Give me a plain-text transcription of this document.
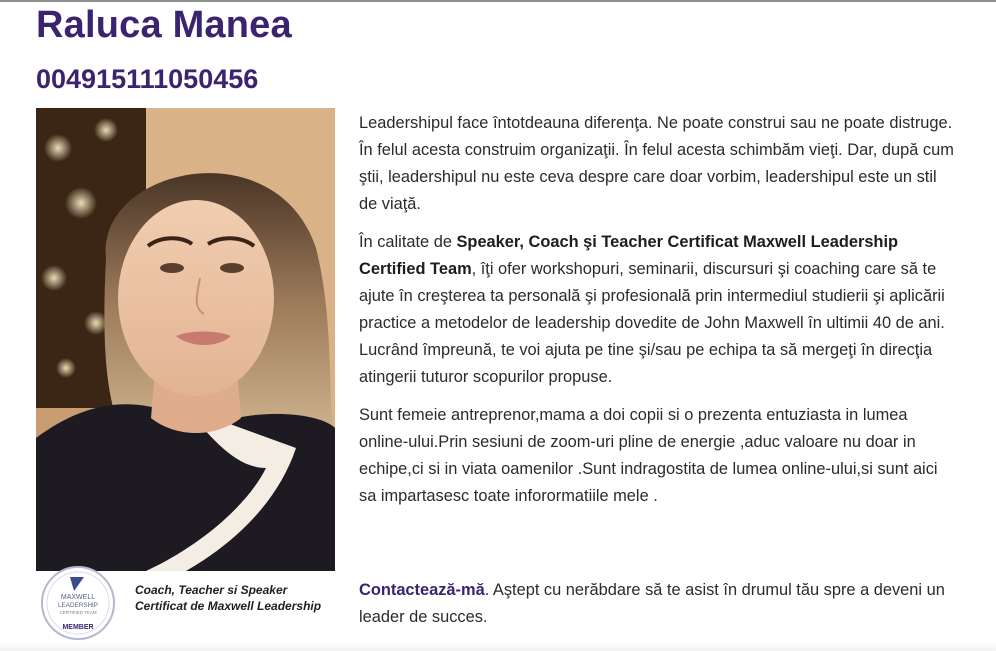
Raluca Manea
004915111050456
MAXWELL
LEADERSHIP
CERTIFIED TEAM
MEMBER
Coach, Teacher si Speaker
Certificat de Maxwell Leadership

Leadershipul face întotdeauna diferenţa. Ne poate construi sau ne poate distruge. În felul acesta construim organizaţii. În felul acesta schimbăm vieţi. Dar, după cum ştii, leadershipul nu este ceva despre care doar vorbim, leadershipul este un stil de viaţă.

În calitate de Speaker, Coach şi Teacher Certificat Maxwell Leadership Certified Team, îţi ofer workshopuri, seminarii, discursuri şi coaching care să te ajute în creşterea ta personală şi profesională prin intermediul studierii şi aplicării practice a metodelor de leadership dovedite de John Maxwell în ultimii 40 de ani. Lucrând împreună, te voi ajuta pe tine şi/sau pe echipa ta să mergeţi în direcţia atingerii tuturor scopurilor propuse.

Sunt femeie antreprenor,mama a doi copii si o prezenta entuziasta in lumea online-ului.Prin sesiuni de zoom-uri pline de energie ,aduc valoare nu doar in echipe,ci si in viata oamenilor .Sunt indragostita de lumea online-ului,si sunt aici sa impartasesc toate inforormatiile mele .

Contactează-mă. Aştept cu nerăbdare să te asist în drumul tău spre a deveni un leader de succes.
